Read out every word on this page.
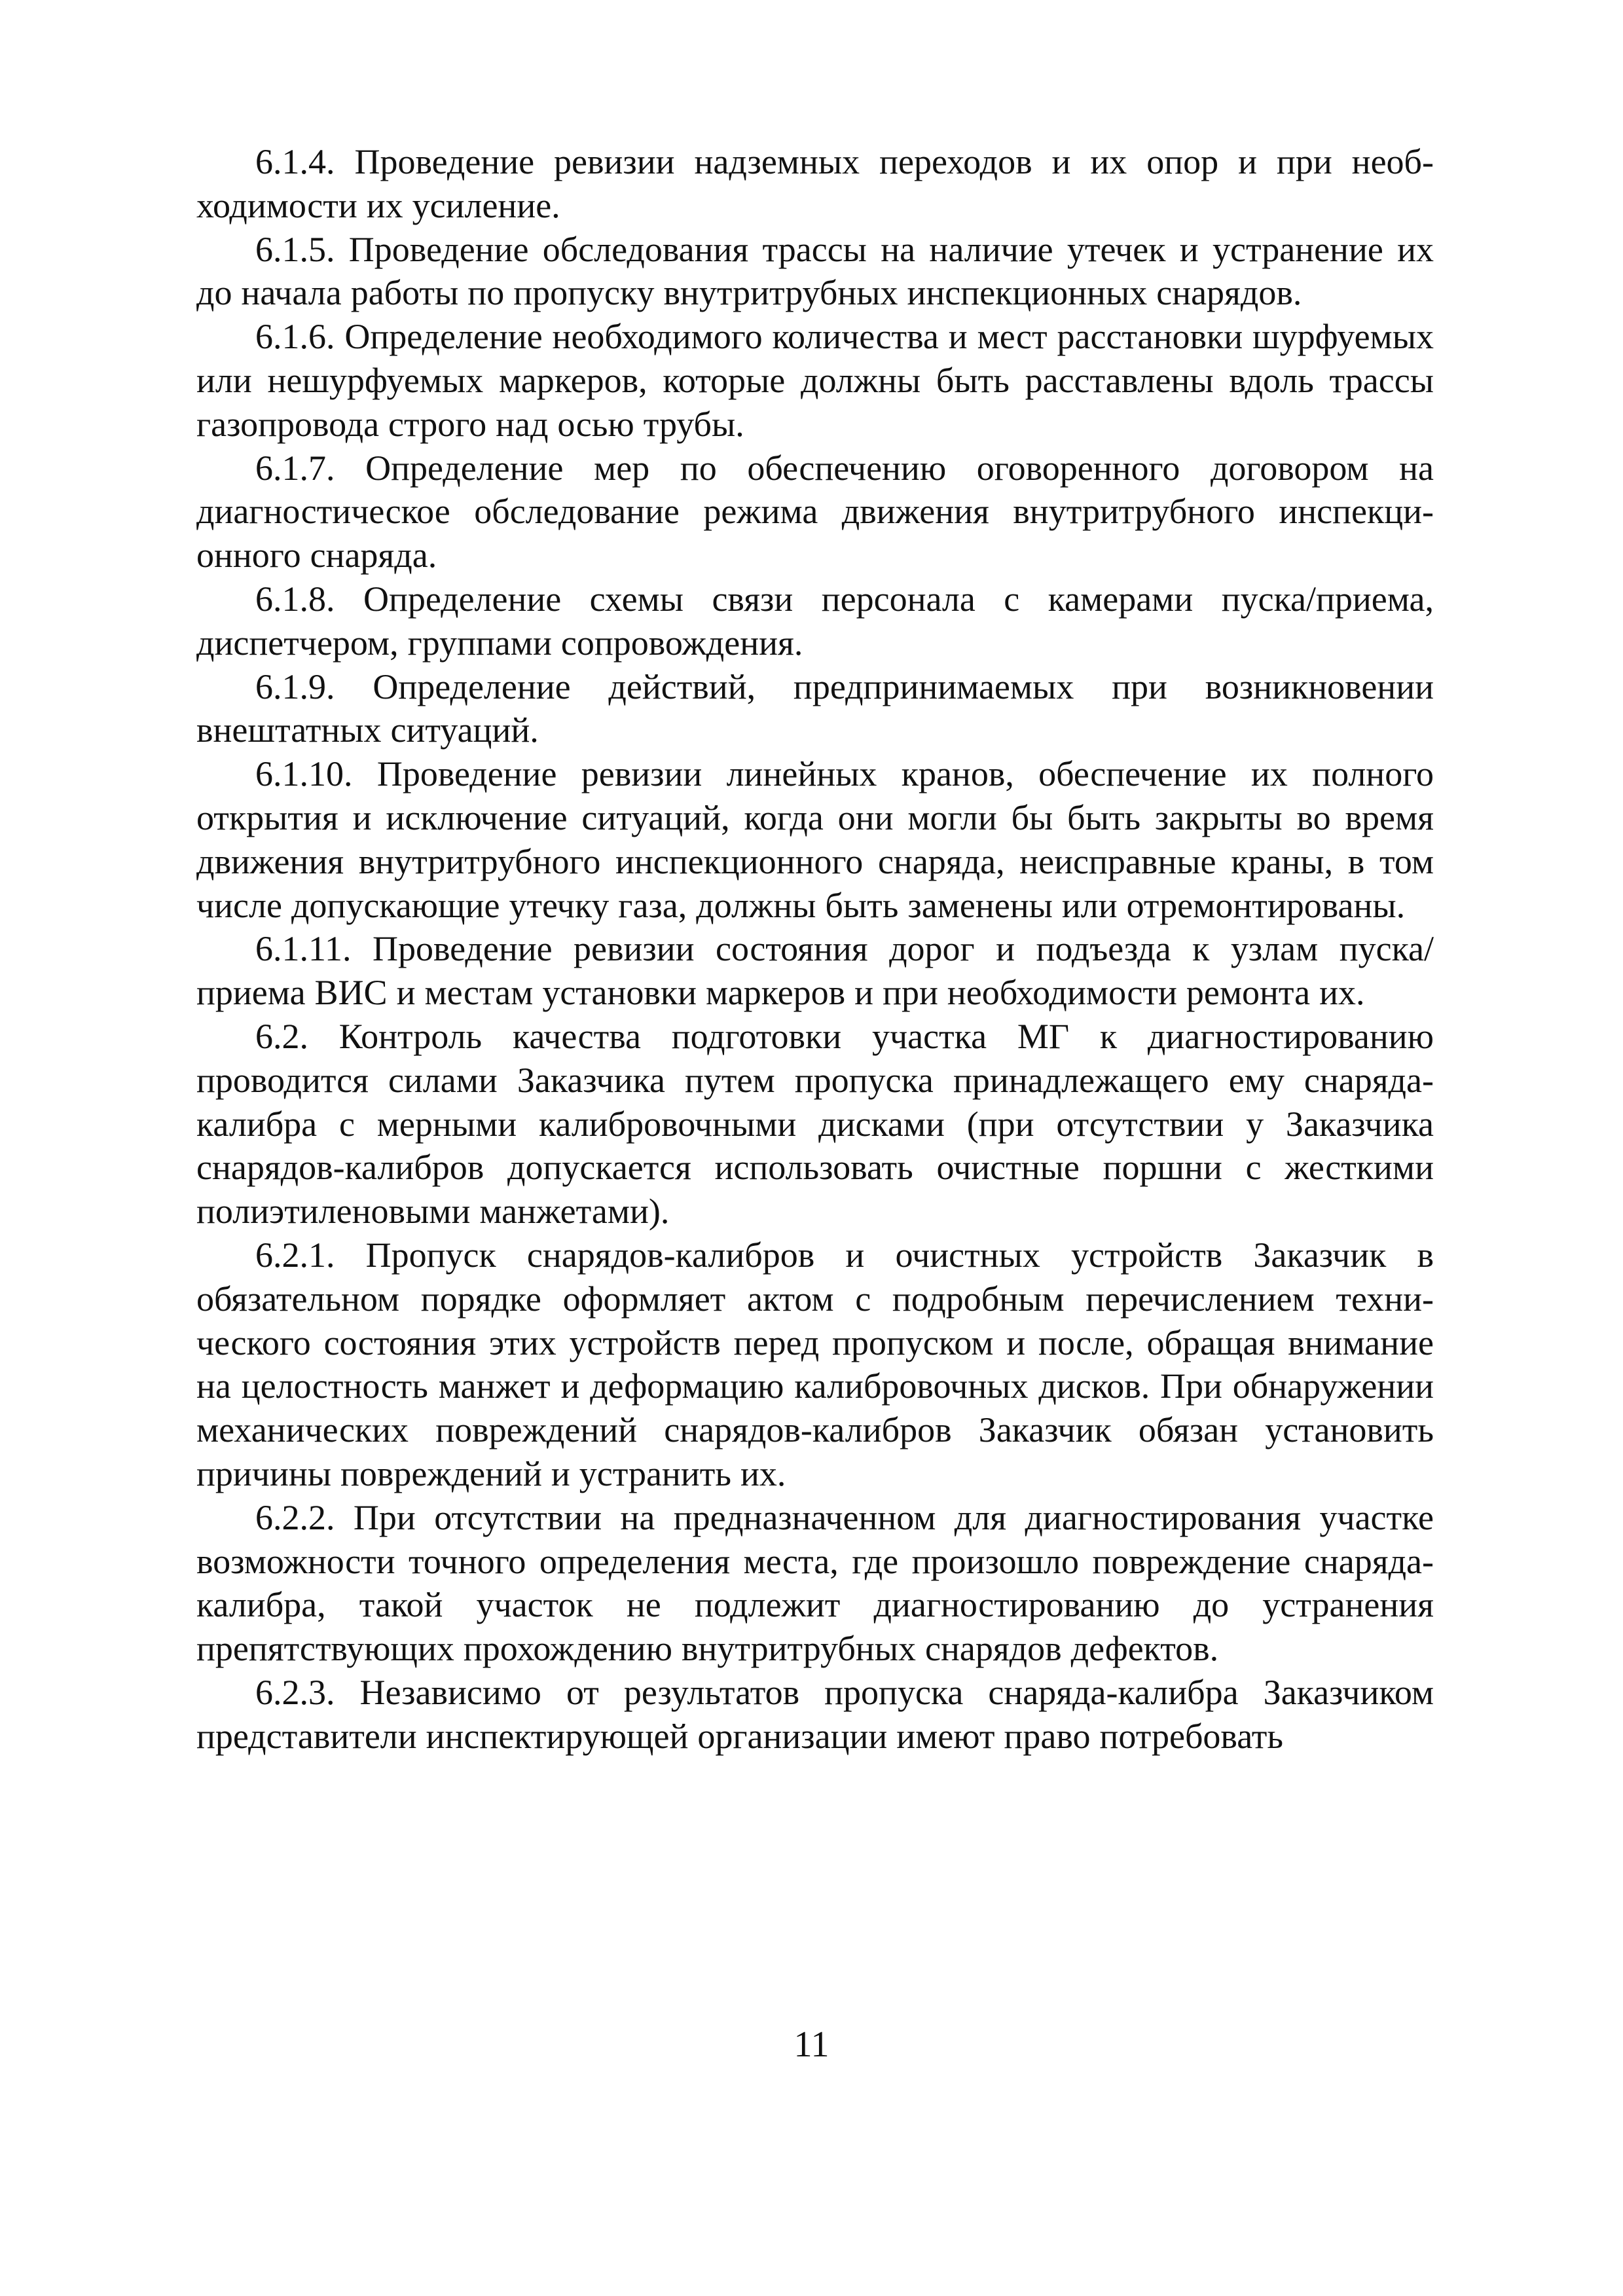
6.1.4. Проведение ревизии надземных переходов и их опор и при необходимости их усиление.

6.1.5. Проведение обследования трассы на наличие утечек и устранение их до начала работы по пропуску внутритрубных инспекционных снарядов.

6.1.6. Определение необходимого количества и мест расстановки шурфуемых или нешурфуемых маркеров, которые должны быть расставлены вдоль трассы газопровода строго над осью трубы.

6.1.7. Определение мер по обеспечению оговоренного договором на диагностическое обследование режима движения внутритрубного инспекционного снаряда.

6.1.8. Определение схемы связи персонала с камерами пуска/приема, диспетчером, группами сопровождения.

6.1.9. Определение действий, предпринимаемых при возникновении внештатных ситуаций.

6.1.10. Проведение ревизии линейных кранов, обеспечение их полного открытия и исключение ситуаций, когда они могли бы быть закрыты во время движения внутритрубного инспекционного снаряда, неисправные краны, в том числе допускающие утечку газа, должны быть заменены или отремонтированы.

6.1.11. Проведение ревизии состояния дорог и подъезда к узлам пуска/приема ВИС и местам установки маркеров и при необходимости ремонта их.

6.2. Контроль качества подготовки участка МГ к диагностированию проводится силами Заказчика путем пропуска принадлежащего ему снаряда-калибра с мерными калибровочными дисками (при отсутствии у Заказчика снарядов-калибров допускается использовать очистные поршни с жесткими полиэтиленовыми манжетами).

6.2.1. Пропуск снарядов-калибров и очистных устройств Заказчик в обязательном порядке оформляет актом с подробным перечислением технического состояния этих устройств перед пропуском и после, обращая внимание на целостность манжет и деформацию калибровочных дисков. При обнаружении механических повреждений снарядов-калибров Заказчик обязан установить причины повреждений и устранить их.

6.2.2. При отсутствии на предназначенном для диагностирования участке возможности точного определения места, где произошло повреждение снаряда-калибра, такой участок не подлежит диагностированию до устранения препятствующих прохождению внутритрубных снарядов дефектов.

6.2.3. Независимо от результатов пропуска снаряда-калибра Заказчиком представители инспектирующей организации имеют право потребовать

11
